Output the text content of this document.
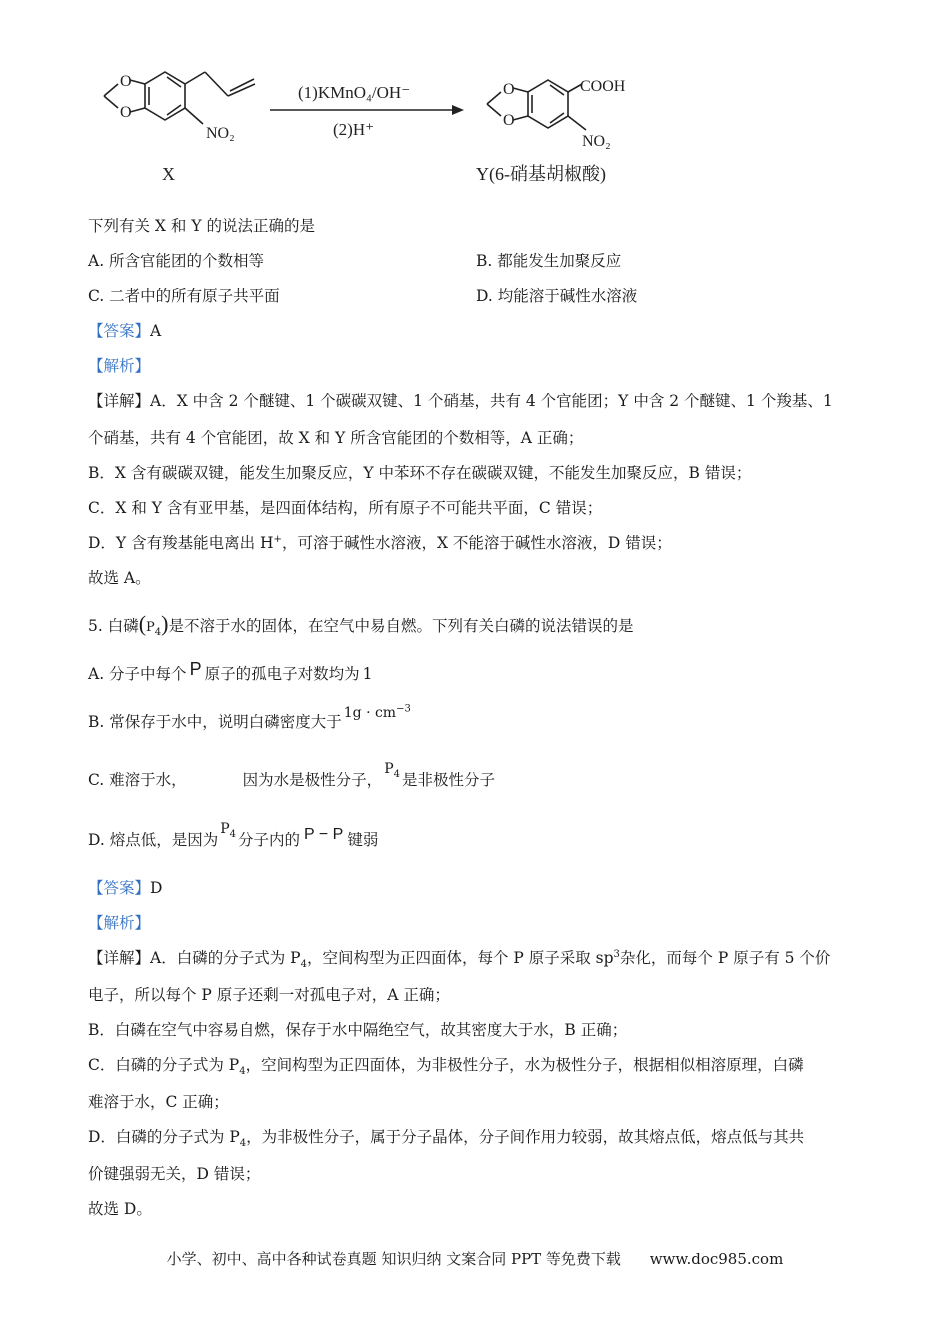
O
O
NO₂
X
(1)KMnO₄/OH⁻
(2)H⁺
O
O
COOH
NO₂
Y(6-硝基胡椒酸)
下列有关 X 和 Y 的说法正确的是
A. 所含官能团的个数相等	B. 都能发生加聚反应
C. 二者中的所有原子共平面	D. 均能溶于碱性水溶液
【答案】A
【解析】
【详解】A．X 中含 2 个醚键、1 个碳碳双键、1 个硝基，共有 4 个官能团；Y 中含 2 个醚键、1 个羧基、1
个硝基，共有 4 个官能团，故 X 和 Y 所含官能团的个数相等，A 正确；
B．X 含有碳碳双键，能发生加聚反应，Y 中苯环不存在碳碳双键，不能发生加聚反应，B 错误；
C．X 和 Y 含有亚甲基，是四面体结构，所有原子不可能共平面，C 错误；
D．Y 含有羧基能电离出 H+，可溶于碱性水溶液，X 不能溶于碱性水溶液，D 错误；
故选 A。
5. 白磷$(P_4)$是不溶于水的固体，在空气中易自燃。下列有关白磷的说法错误的是
A. 分子中每个 P 原子的孤电子对数均为 1
B. 常保存于水中，说明白磷密度大于 $1g \cdot cm^{-3}$
C. 难溶于水，	因为水是极性分子，$P_4$ 是非极性分子
D. 熔点低，是因为$P_4$ 分子内的 P − P 键弱
【答案】D
【解析】
【详解】A．白磷的分子式为 $P_4$，空间构型为正四面体，每个 P 原子采取 $sp^3$杂化，而每个 P 原子有 5 个价
电子，所以每个 P 原子还剩一对孤电子对，A 正确；
B．白磷在空气中容易自燃，保存于水中隔绝空气，故其密度大于水，B 正确；
C．白磷的分子式为 $P_4$，空间构型为正四面体，为非极性分子，水为极性分子，根据相似相溶原理，白磷
难溶于水，C 正确；
D．白磷的分子式为 $P_4$，为非极性分子，属于分子晶体，分子间作用力较弱，故其熔点低，熔点低与其共
价键强弱无关，D 错误；
故选 D。
小学、初中、高中各种试卷真题 知识归纳 文案合同 PPT 等免费下载 www.doc985.com
